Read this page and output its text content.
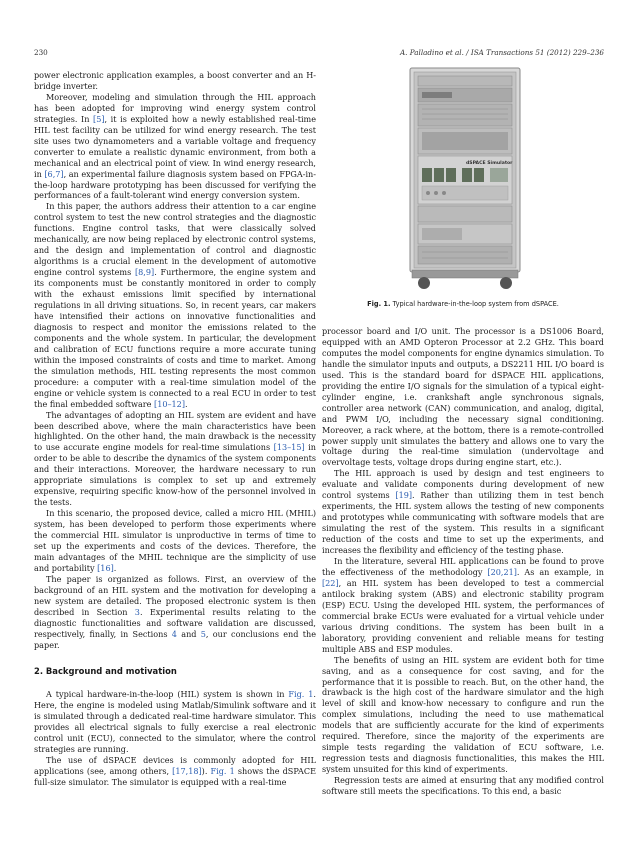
230	A. Palladino et al. / ISA Transactions 51 (2012) 229–236

power electronic application examples, a boost converter and an H-bridge inverter.

Moreover, modeling and simulation through the HIL approach has been adopted for improving wind energy system control strategies. In [5], it is exploited how a newly established real-time HIL test facility can be utilized for wind energy research. The test site uses two dynamometers and a variable voltage and frequency converter to emulate a realistic dynamic environment, from both a mechanical and an electrical point of view. In wind energy research, in [6,7], an experimental failure diagnosis system based on FPGA-in-the-loop hardware prototyping has been discussed for verifying the performances of a fault-tolerant wind energy conversion system.

In this paper, the authors address their attention to a car engine control system to test the new control strategies and the diagnostic functions. Engine control tasks, that were classically solved mechanically, are now being replaced by electronic control systems, and the design and implementation of control and diagnostic algorithms is a crucial element in the development of automotive engine control systems [8,9]. Furthermore, the engine system and its components must be constantly monitored in order to comply with the exhaust emissions limit specified by international regulations in all driving situations. So, in recent years, car makers have intensified their actions on innovative functionalities and diagnosis to respect and monitor the emissions related to the components and the whole system. In particular, the development and calibration of ECU functions require a more accurate tuning within the imposed constraints of costs and time to market. Among the simulation methods, HIL testing represents the most common procedure: a computer with a real-time simulation model of the engine or vehicle system is connected to a real ECU in order to test the final embedded software [10–12].

The advantages of adopting an HIL system are evident and have been described above, where the main characteristics have been highlighted. On the other hand, the main drawback is the necessity to use accurate engine models for real-time simulations [13–15] in order to be able to describe the dynamics of the system components and their interactions. Moreover, the hardware necessary to run appropriate simulations is complex to set up and extremely expensive, requiring specific know-how of the personnel involved in the tests.

In this scenario, the proposed device, called a micro HIL (MHIL) system, has been developed to perform those experiments where the commercial HIL simulator is unproductive in terms of time to set up the experiments and costs of the devices. Therefore, the main advantages of the MHIL technique are the simplicity of use and portability [16].

The paper is organized as follows. First, an overview of the background of an HIL system and the motivation for developing a new system are detailed. The proposed electronic system is then described in Section 3. Experimental results relating to the diagnostic functionalities and software validation are discussed, respectively, finally, in Sections 4 and 5, our conclusions end the paper.

2. Background and motivation

A typical hardware-in-the-loop (HIL) system is shown in Fig. 1. Here, the engine is modeled using Matlab/Simulink software and it is simulated through a dedicated real-time hardware simulator. This provides all electrical signals to fully exercise a real electronic control unit (ECU), connected to the simulator, where the control strategies are running.

The use of dSPACE devices is commonly adopted for HIL applications (see, among others, [17,18]). Fig. 1 shows the dSPACE full-size simulator. The simulator is equipped with a real-time

dSPACE Simulator
Fig. 1. Typical hardware-in-the-loop system from dSPACE.

processor board and I/O unit. The processor is a DS1006 Board, equipped with an AMD Opteron Processor at 2.2 GHz. This board computes the model components for engine dynamics simulation. To handle the simulator inputs and outputs, a DS2211 HIL I/O board is used. This is the standard board for dSPACE HIL applications, providing the entire I/O signals for the simulation of a typical eight-cylinder engine, i.e. crankshaft angle synchronous signals, controller area network (CAN) communication, and analog, digital, and PWM I/O, including the necessary signal conditioning. Moreover, a rack where, at the bottom, there is a remote-controlled power supply unit simulates the battery and allows one to vary the voltage during the real-time simulation (undervoltage and overvoltage tests, voltage drops during engine start, etc.).

The HIL approach is used by design and test engineers to evaluate and validate components during development of new control systems [19]. Rather than utilizing them in test bench experiments, the HIL system allows the testing of new components and prototypes while communicating with software models that are simulating the rest of the system. This results in a significant reduction of the costs and time to set up the experiments, and increases the flexibility and efficiency of the testing phase.

In the literature, several HIL applications can be found to prove the effectiveness of the methodology [20,21]. As an example, in [22], an HIL system has been developed to test a commercial antilock braking system (ABS) and electronic stability program (ESP) ECU. Using the developed HIL system, the performances of commercial brake ECUs were evaluated for a virtual vehicle under various driving conditions. The system has been built in a laboratory, providing convenient and reliable means for testing multiple ABS and ESP modules.

The benefits of using an HIL system are evident both for time saving, and as a consequence for cost saving, and for the performance that it is possible to reach. But, on the other hand, the drawback is the high cost of the hardware simulator and the high level of skill and know-how necessary to configure and run the complex simulations, including the need to use mathematical models that are sufficiently accurate for the kind of experiments required. Therefore, since the majority of the experiments are simple tests regarding the validation of ECU software, i.e. regression tests and diagnosis functionalities, this makes the HIL system unsuited for this kind of experiments.

Regression tests are aimed at ensuring that any modified control software still meets the specifications. To this end, a basic
